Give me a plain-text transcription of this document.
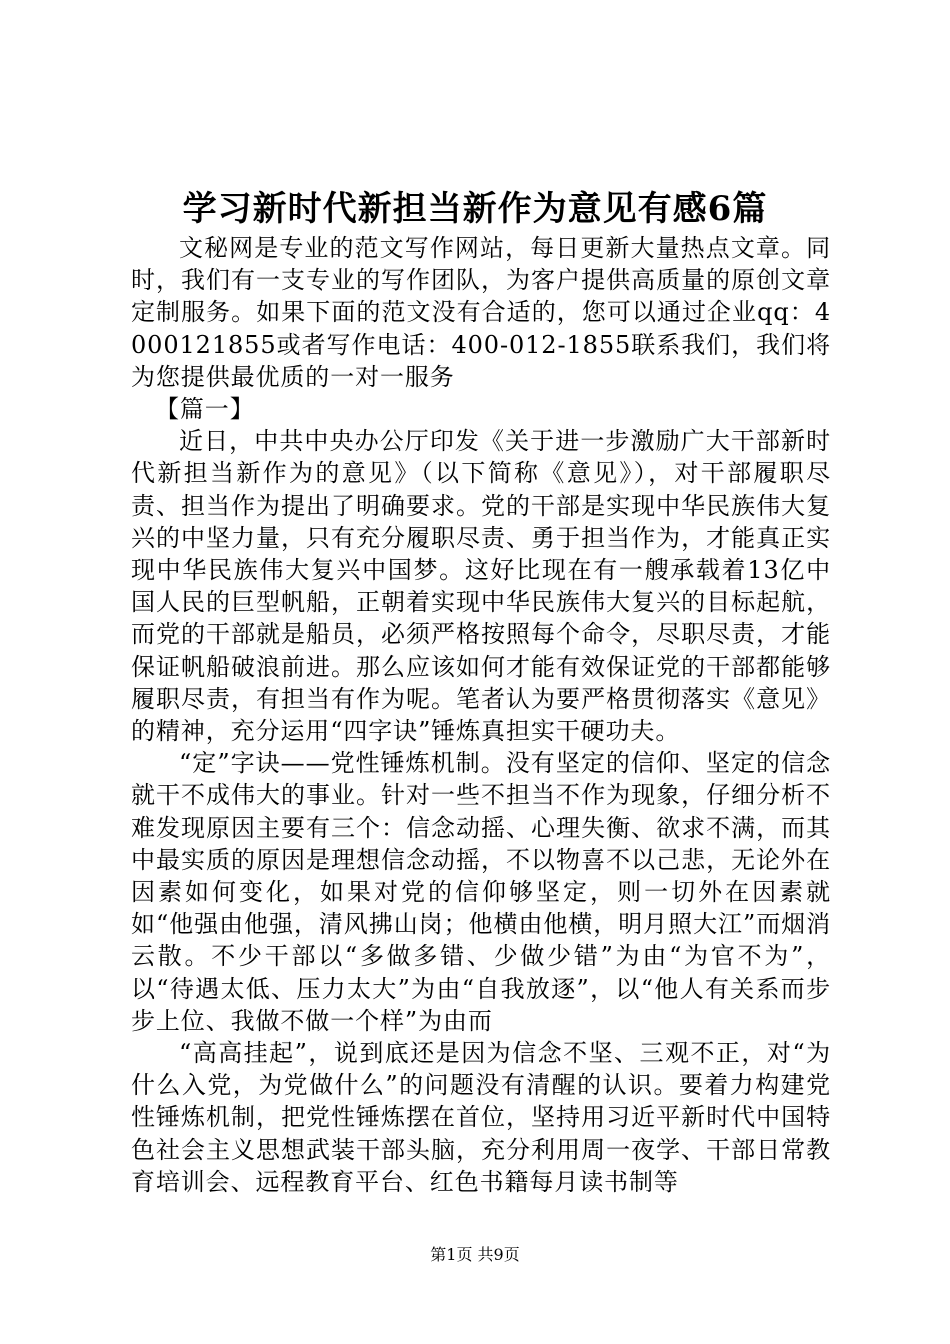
学习新时代新担当新作为意见有感6篇

文秘网是专业的范文写作网站，每日更新大量热点文章。同时，我们有一支专业的写作团队，为客户提供高质量的原创文章定制服务。如果下面的范文没有合适的，您可以通过企业qq：4000121855或者写作电话：400-012-1855联系我们，我们将为您提供最优质的一对一服务

【篇一】

近日，中共中央办公厅印发《关于进一步激励广大干部新时代新担当新作为的意见》（以下简称《意见》），对干部履职尽责、担当作为提出了明确要求。党的干部是实现中华民族伟大复兴的中坚力量，只有充分履职尽责、勇于担当作为，才能真正实现中华民族伟大复兴中国梦。这好比现在有一艘承载着13亿中国人民的巨型帆船，正朝着实现中华民族伟大复兴的目标起航，而党的干部就是船员，必须严格按照每个命令，尽职尽责，才能保证帆船破浪前进。那么应该如何才能有效保证党的干部都能够履职尽责，有担当有作为呢。笔者认为要严格贯彻落实《意见》的精神，充分运用“四字诀”锤炼真担实干硬功夫。

“定”字诀——党性锤炼机制。没有坚定的信仰、坚定的信念就干不成伟大的事业。针对一些不担当不作为现象，仔细分析不难发现原因主要有三个：信念动摇、心理失衡、欲求不满，而其中最实质的原因是理想信念动摇，不以物喜不以己悲，无论外在因素如何变化，如果对党的信仰够坚定，则一切外在因素就如“他强由他强，清风拂山岗；他横由他横，明月照大江”而烟消云散。不少干部以“多做多错、少做少错”为由“为官不为”，以“待遇太低、压力太大”为由“自我放逐”，以“他人有关系而步步上位、我做不做一个样”为由而

“高高挂起”，说到底还是因为信念不坚、三观不正，对“为什么入党，为党做什么”的问题没有清醒的认识。要着力构建党性锤炼机制，把党性锤炼摆在首位，坚持用习近平新时代中国特色社会主义思想武装干部头脑，充分利用周一夜学、干部日常教育培训会、远程教育平台、红色书籍每月读书制等

第1页 共9页
